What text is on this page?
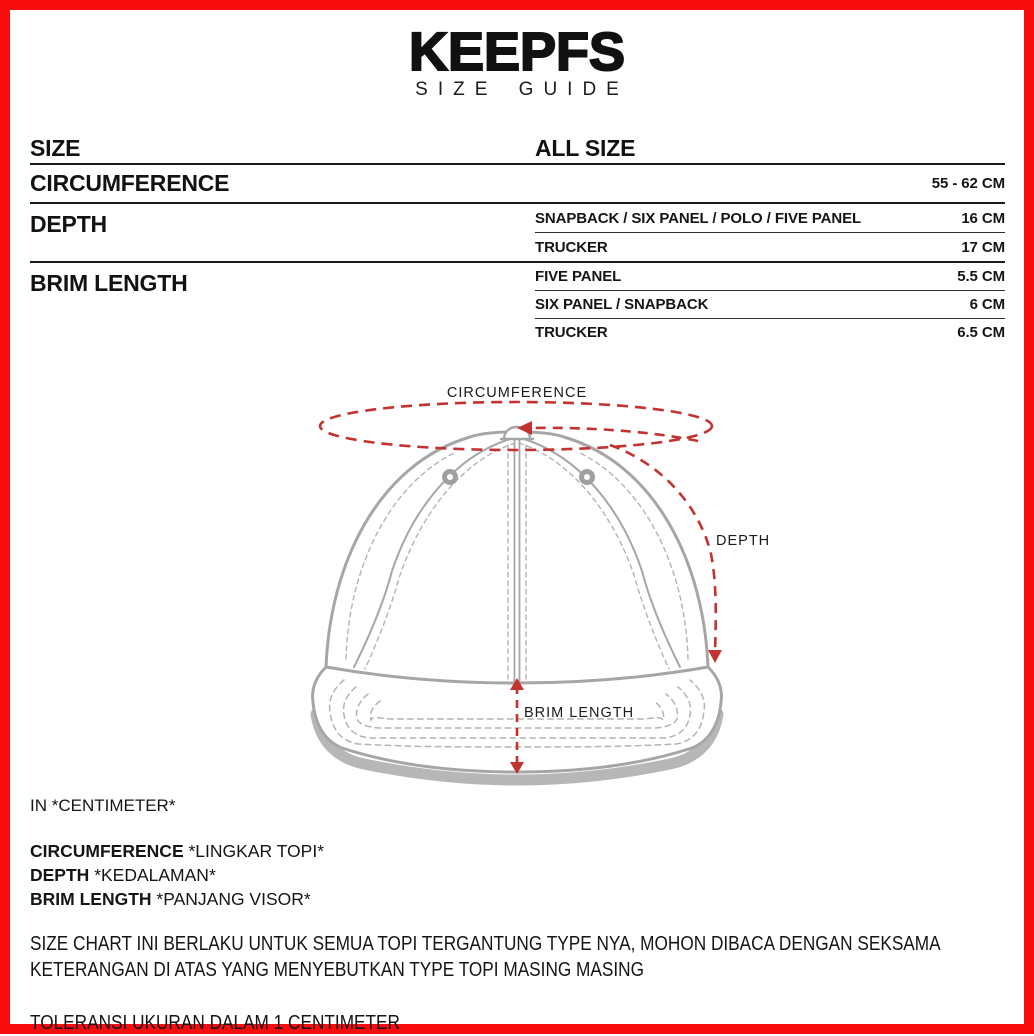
KEEPFS
SIZE GUIDE
SIZE	ALL SIZE
CIRCUMFERENCE	55 - 62 CM
DEPTH	SNAPBACK / SIX PANEL / POLO / FIVE PANEL	16 CM
TRUCKER	17 CM
BRIM LENGTH	FIVE PANEL	5.5 CM
SIX PANEL / SNAPBACK	6 CM
TRUCKER	6.5 CM
CIRCUMFERENCE
DEPTH
BRIM LENGTH
IN *CENTIMETER*
CIRCUMFERENCE *LINGKAR TOPI*
DEPTH *KEDALAMAN*
BRIM LENGTH *PANJANG VISOR*
SIZE CHART INI BERLAKU UNTUK SEMUA TOPI TERGANTUNG TYPE NYA, MOHON DIBACA DENGAN SEKSAMA KETERANGAN DI ATAS YANG MENYEBUTKAN TYPE TOPI MASING MASING
TOLERANSI UKURAN DALAM 1 CENTIMETER
